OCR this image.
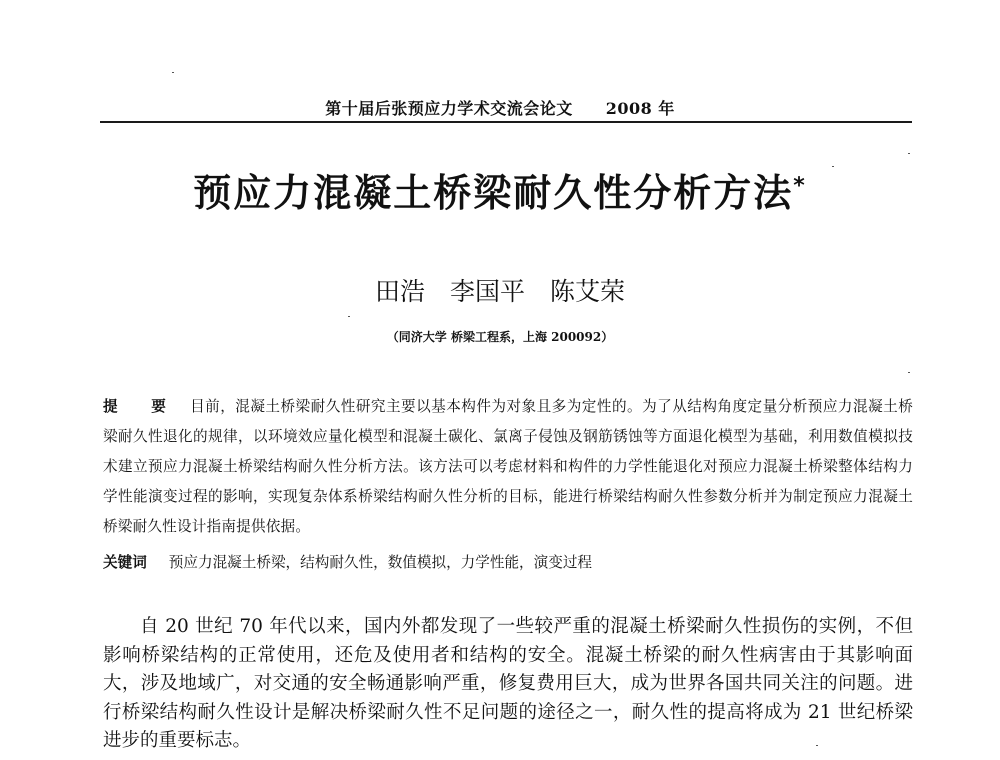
第十届后张预应力学术交流会论文　　2008 年
预应力混凝土桥梁耐久性分析方法*
田浩　李国平　陈艾荣
（同济大学 桥梁工程系，上海 200092）
提 要 目前，混凝土桥梁耐久性研究主要以基本构件为对象且多为定性的。为了从结构角度定量分析预应力混凝土桥梁耐久性退化的规律，以环境效应量化模型和混凝土碳化、氯离子侵蚀及钢筋锈蚀等方面退化模型为基础，利用数值模拟技术建立预应力混凝土桥梁结构耐久性分析方法。该方法可以考虑材料和构件的力学性能退化对预应力混凝土桥梁整体结构力学性能演变过程的影响，实现复杂体系桥梁结构耐久性分析的目标，能进行桥梁结构耐久性参数分析并为制定预应力混凝土桥梁耐久性设计指南提供依据。
关键词 预应力混凝土桥梁，结构耐久性，数值模拟，力学性能，演变过程
自 20 世纪 70 年代以来，国内外都发现了一些较严重的混凝土桥梁耐久性损伤的实例，不但影响桥梁结构的正常使用，还危及使用者和结构的安全。混凝土桥梁的耐久性病害由于其影响面大，涉及地域广，对交通的安全畅通影响严重，修复费用巨大，成为世界各国共同关注的问题。进行桥梁结构耐久性设计是解决桥梁耐久性不足问题的途径之一，耐久性的提高将成为 21 世纪桥梁进步的重要标志。
